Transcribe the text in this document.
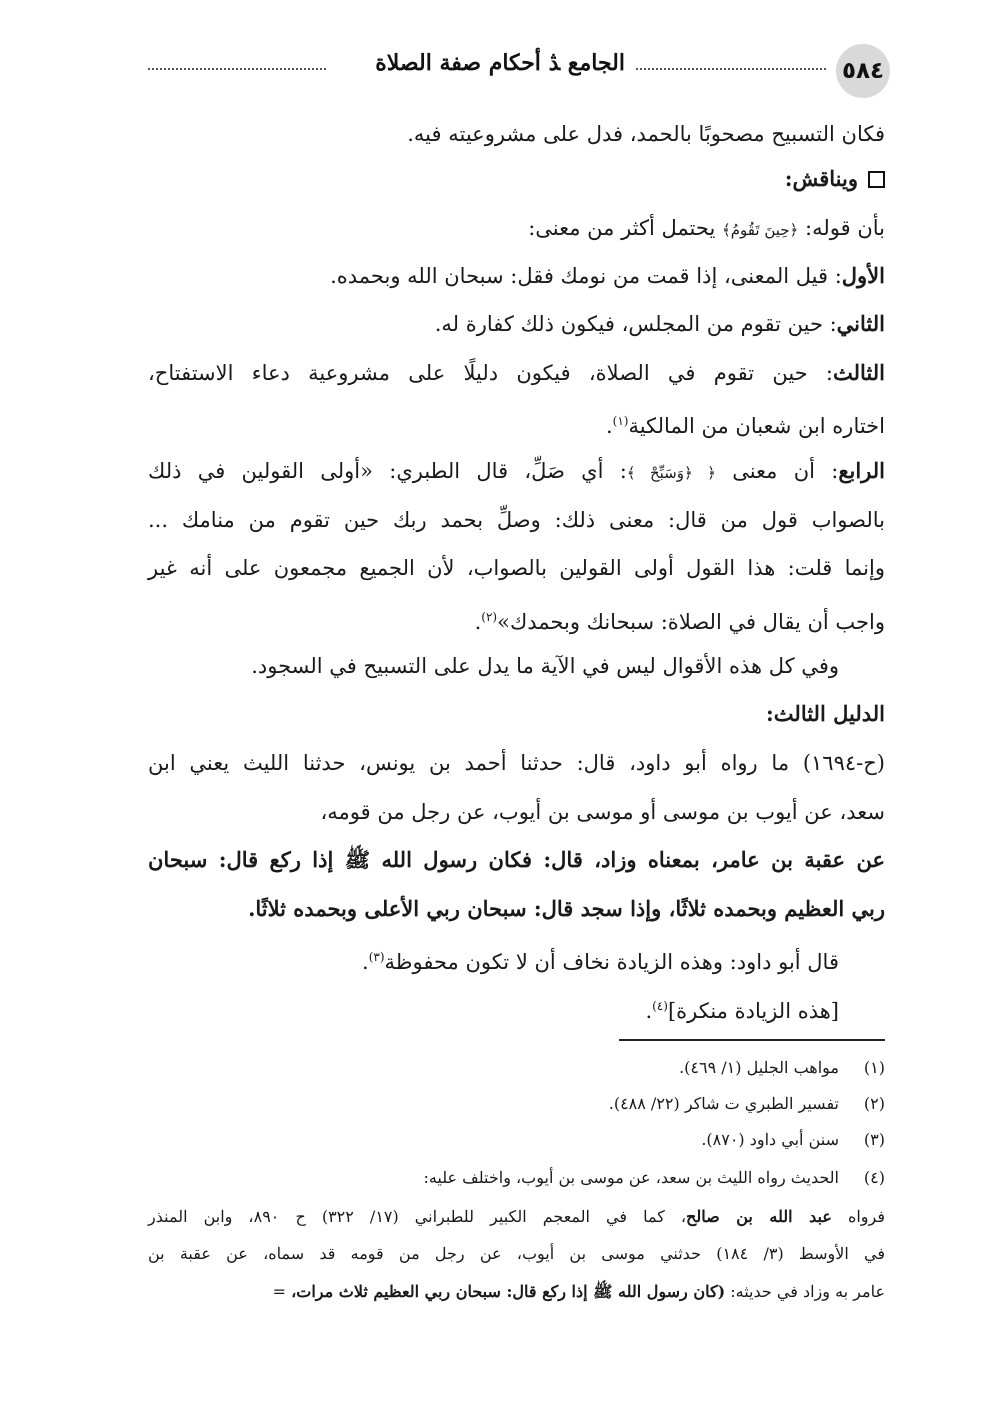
٥٨٤
الجامع ﮇ أحكام صفة الصلاة
فكان التسبيح مصحوبًا بالحمد، فدل على مشروعيته فيه.
ويناقش:
بأن قوله: ﴿حِينَ تَقُومُ﴾ يحتمل أكثر من معنى:
الأول: قيل المعنى، إذا قمت من نومك فقل: سبحان الله وبحمده.
الثاني: حين تقوم من المجلس، فيكون ذلك كفارة له.
الثالث: حين تقوم في الصلاة، فيكون دليلًا على مشروعية دعاء الاستفتاح،
اختاره ابن شعبان من المالكية$^{(١)}$.
الرابع: أن معنى ﴿ ﴿وَسَبِّحْ ﴾: أي صَلِّ، قال الطبري: «أولى القولين في ذلك
بالصواب قول من قال: معنى ذلك: وصلِّ بحمد ربك حين تقوم من منامك ...
وإنما قلت: هذا القول أولى القولين بالصواب، لأن الجميع مجمعون على أنه غير
واجب أن يقال في الصلاة: سبحانك وبحمدك»$^{(٢)}$.
وفي كل هذه الأقوال ليس في الآية ما يدل على التسبيح في السجود.
الدليل الثالث:
(ح-١٦٩٤) ما رواه أبو داود، قال: حدثنا أحمد بن يونس، حدثنا الليث يعني ابن
سعد، عن أيوب بن موسى أو موسى بن أيوب، عن رجل من قومه،
عن عقبة بن عامر، بمعناه وزاد، قال: فكان رسول الله ﷺ إذا ركع قال: سبحان
ربي العظيم وبحمده ثلاثًا، وإذا سجد قال: سبحان ربي الأعلى وبحمده ثلاثًا.
قال أبو داود: وهذه الزيادة نخاف أن لا تكون محفوظة$^{(٣)}$.
[هذه الزيادة منكرة]$^{(٤)}$.
(١)مواهب الجليل (١/ ٤٦٩).
(٢)تفسير الطبري ت شاكر (٢٢/ ٤٨٨).
(٣)سنن أبي داود (٨٧٠).
(٤)الحديث رواه الليث بن سعد، عن موسى بن أيوب، واختلف عليه:
فرواه عبد الله بن صالح، كما في المعجم الكبير للطبراني (١٧/ ٣٢٢) ح ٨٩٠، وابن المنذر
في الأوسط (٣/ ١٨٤) حدثني موسى بن أيوب، عن رجل من قومه قد سماه، عن عقبة بن
عامر به وزاد في حديثه: (كان رسول الله ﷺ إذا ركع قال: سبحان ربي العظيم ثلاث مرات، =
